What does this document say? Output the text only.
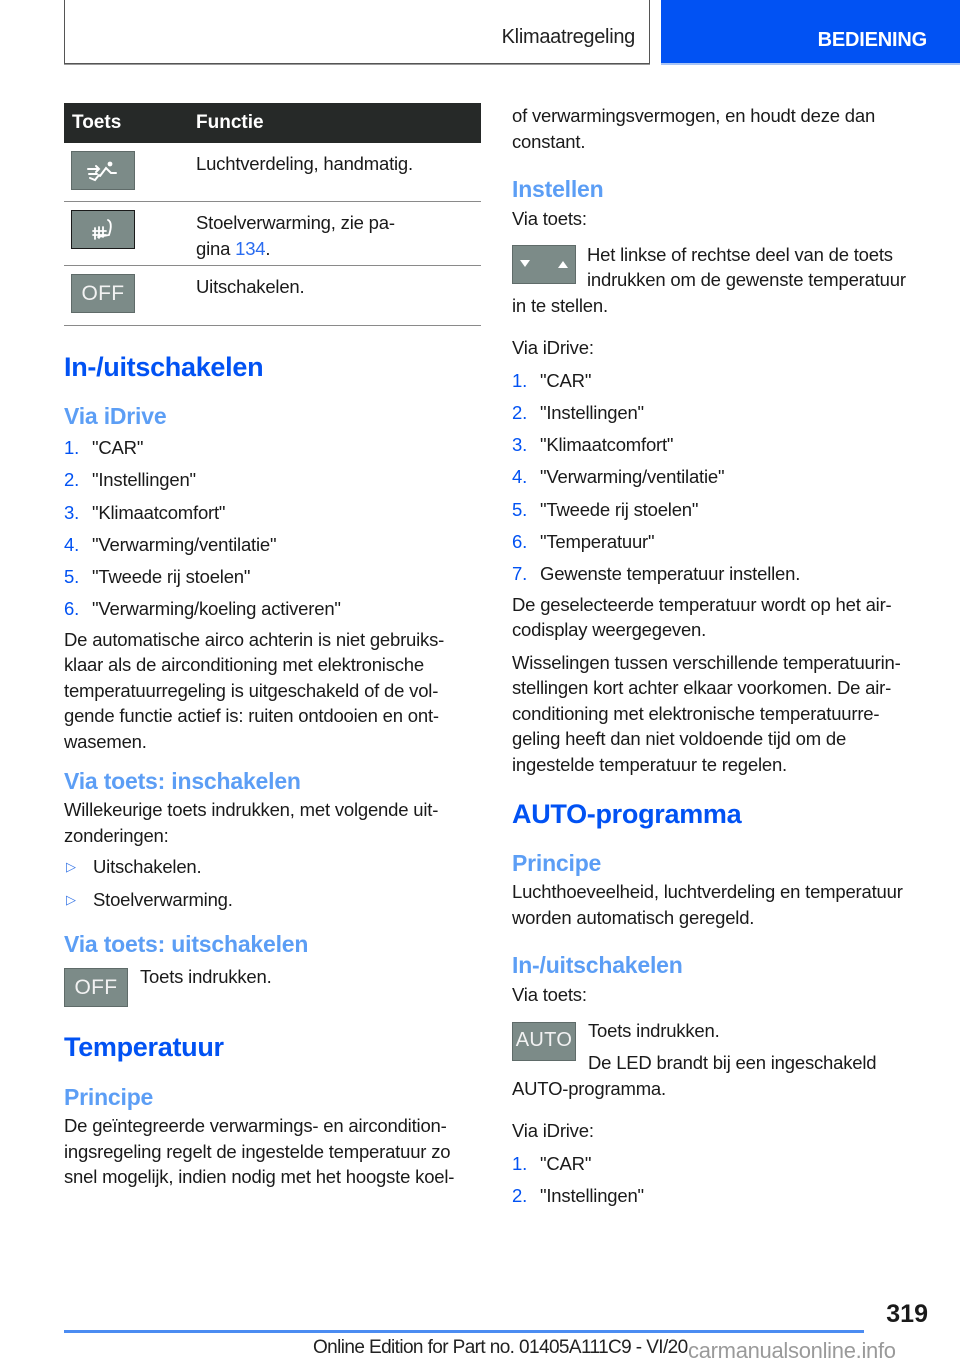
Klimaatregeling	BEDIENING
Toets	Functie
Luchtverdeling, handmatig.
Stoelverwarming, zie pa-
gina 134.
OFF	Uitschakelen.
In-/uitschakelen
Via iDrive
1. "CAR"
2. "Instellingen"
3. "Klimaatcomfort"
4. "Verwarming/ventilatie"
5. "Tweede rij stoelen"
6. "Verwarming/koeling activeren"
De automatische airco achterin is niet gebruiks-
klaar als de airconditioning met elektronische
temperatuurregeling is uitgeschakeld of de vol-
gende functie actief is: ruiten ontdooien en ont-
wasemen.
Via toets: inschakelen
Willekeurige toets indrukken, met volgende uit-
zonderingen:
▷ Uitschakelen.
▷ Stoelverwarming.
Via toets: uitschakelen
OFF Toets indrukken.
Temperatuur
Principe
De geïntegreerde verwarmings- en aircondition-
ingsregeling regelt de ingestelde temperatuur zo
snel mogelijk, indien nodig met het hoogste koel-
of verwarmingsvermogen, en houdt deze dan
constant.
Instellen
Via toets:
Het linkse of rechtse deel van de toets
indrukken om de gewenste temperatuur
in te stellen.
Via iDrive:
1. "CAR"
2. "Instellingen"
3. "Klimaatcomfort"
4. "Verwarming/ventilatie"
5. "Tweede rij stoelen"
6. "Temperatuur"
7. Gewenste temperatuur instellen.
De geselecteerde temperatuur wordt op het air-
codisplay weergegeven.
Wisselingen tussen verschillende temperatuurin-
stellingen kort achter elkaar voorkomen. De air-
conditioning met elektronische temperatuurre-
geling heeft dan niet voldoende tijd om de
ingestelde temperatuur te regelen.
AUTO-programma
Principe
Luchthoeveelheid, luchtverdeling en temperatuur
worden automatisch geregeld.
In-/uitschakelen
Via toets:
AUTO Toets indrukken.
De LED brandt bij een ingeschakeld
AUTO-programma.
Via iDrive:
1. "CAR"
2. "Instellingen"
319
Online Edition for Part no. 01405A111C9 - VI/20 carmanualsonline.info
